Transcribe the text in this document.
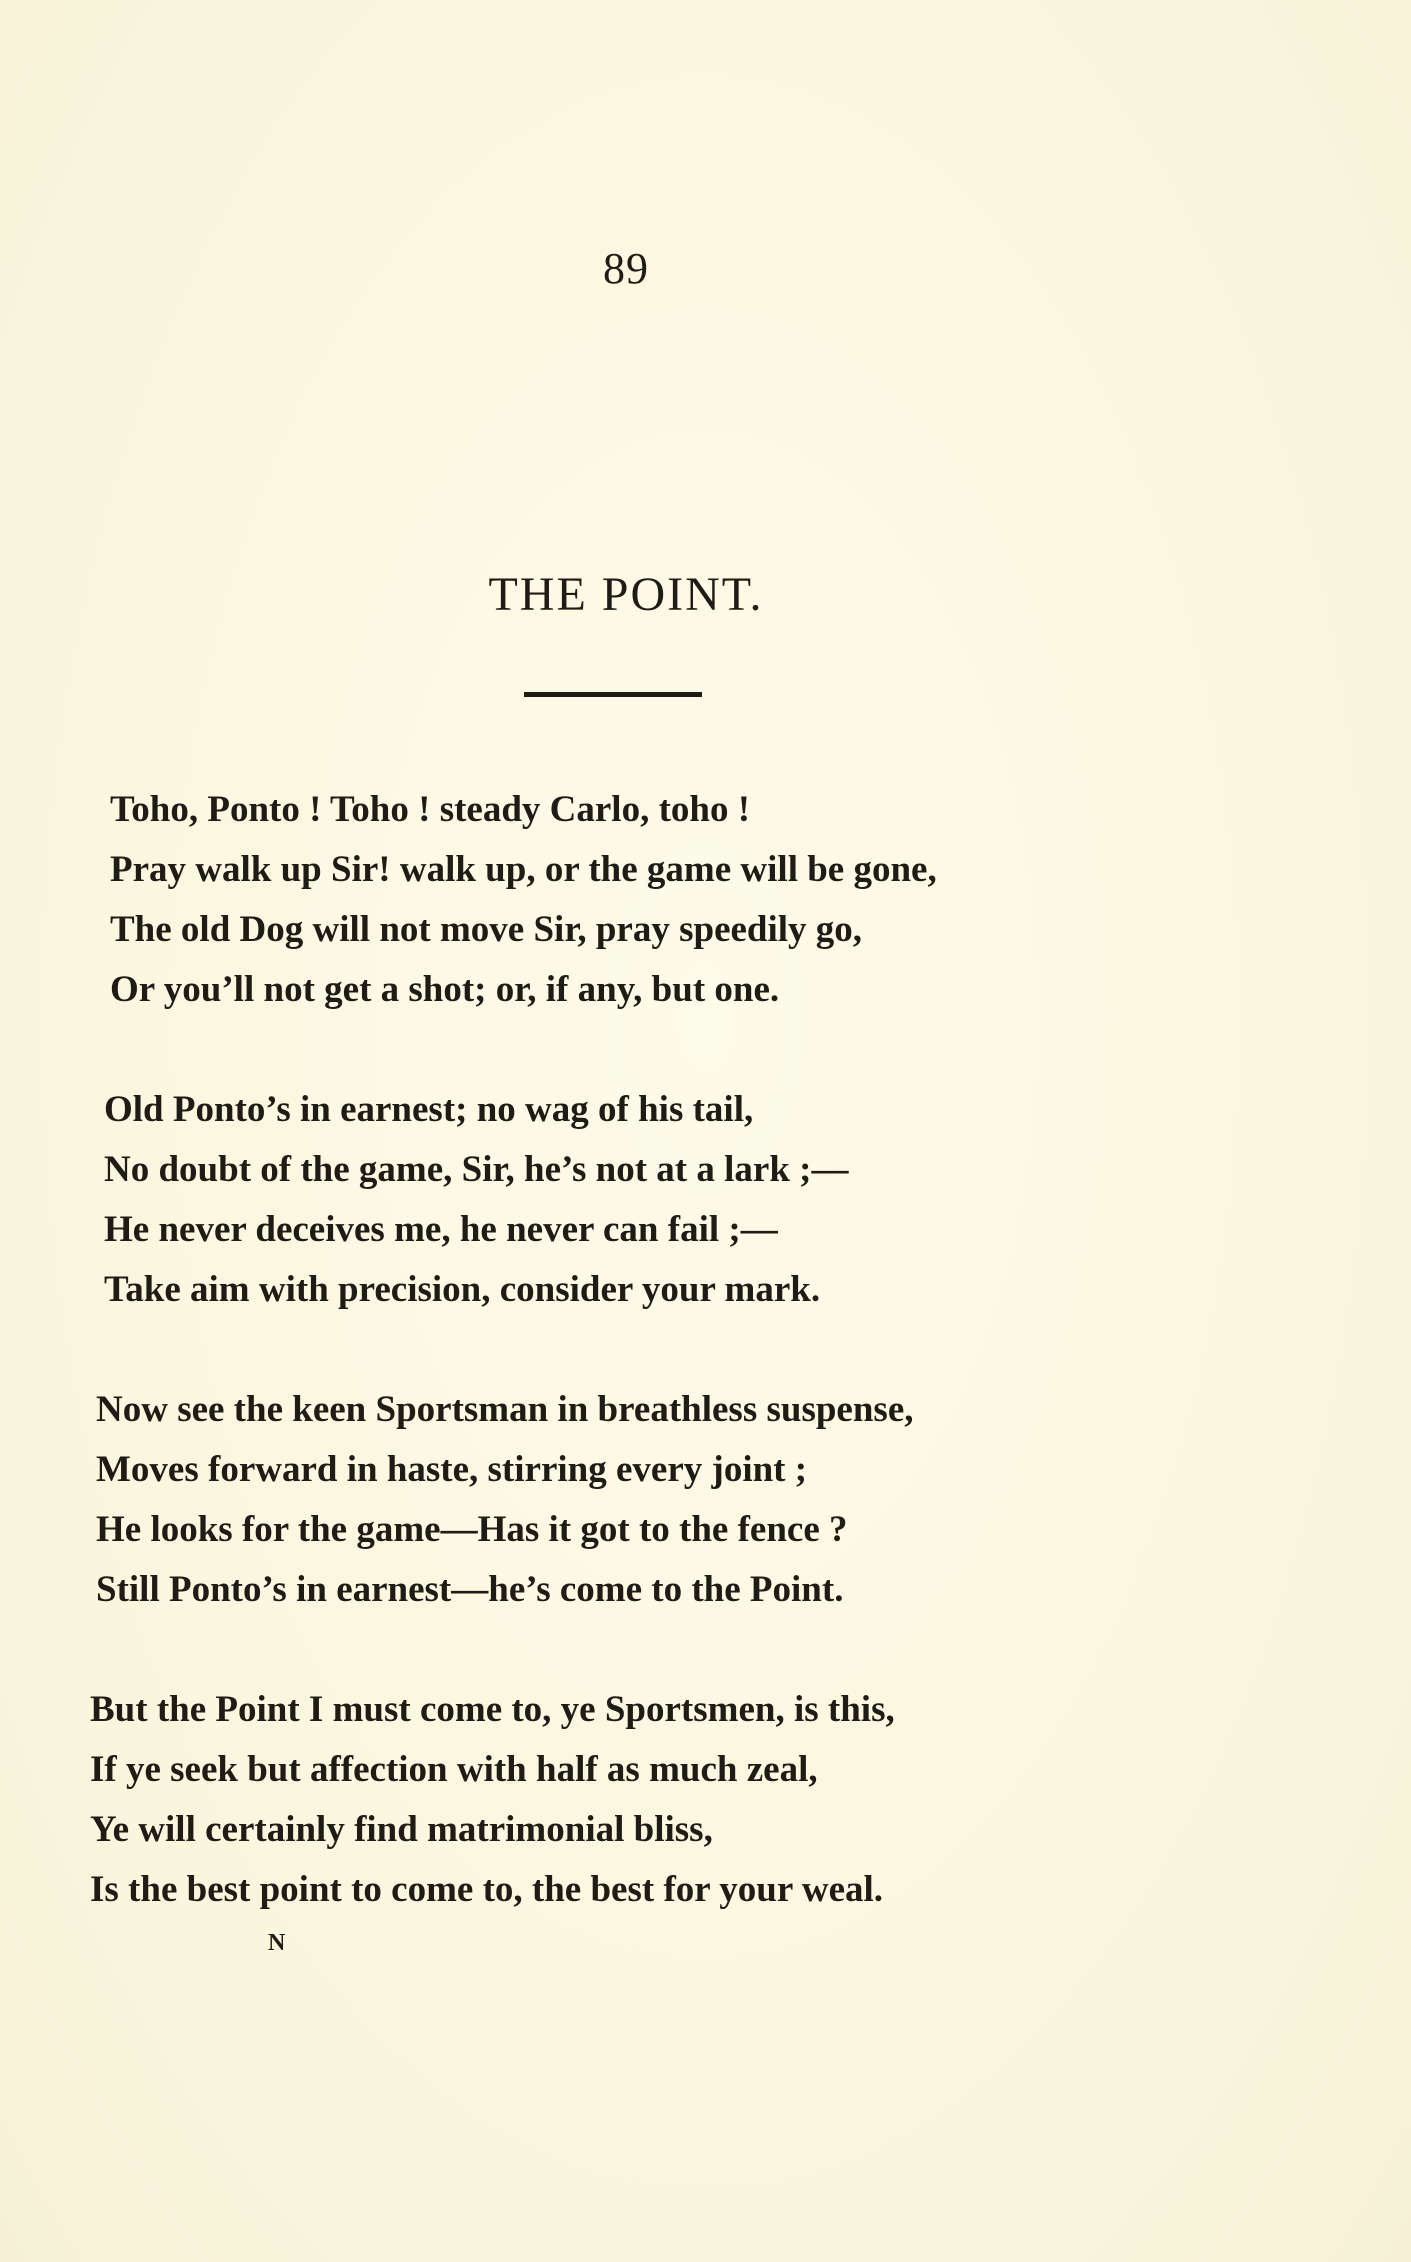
89
THE POINT.
Toho, Ponto ! Toho ! steady Carlo, toho !
Pray walk up Sir! walk up, or the game will be gone,
The old Dog will not move Sir, pray speedily go,
Or you’ll not get a shot; or, if any, but one.
Old Ponto’s in earnest; no wag of his tail,
No doubt of the game, Sir, he’s not at a lark ;—
He never deceives me, he never can fail ;—
Take aim with precision, consider your mark.
Now see the keen Sportsman in breathless suspense,
Moves forward in haste, stirring every joint ;
He looks for the game—Has it got to the fence ?
Still Ponto’s in earnest—he’s come to the Point.
But the Point I must come to, ye Sportsmen, is this,
If ye seek but affection with half as much zeal,
Ye will certainly find matrimonial bliss,
Is the best point to come to, the best for your weal.
N
